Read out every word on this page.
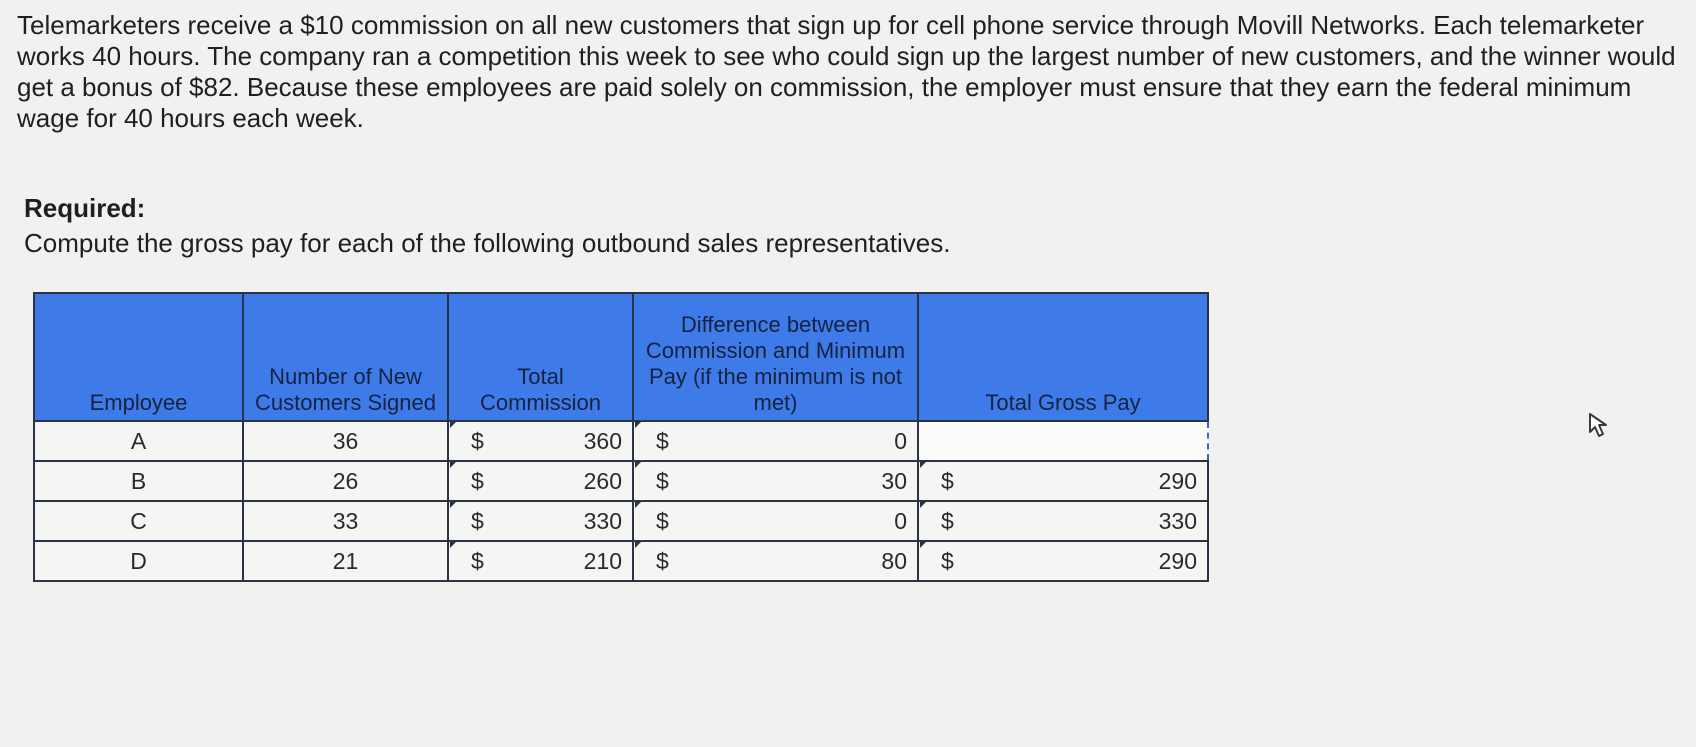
Telemarketers receive a $10 commission on all new customers that sign up for cell phone service through Movill Networks. Each telemarketer works 40 hours. The company ran a competition this week to see who could sign up the largest number of new customers, and the winner would get a bonus of $82. Because these employees are paid solely on commission, the employer must ensure that they earn the federal minimum wage for 40 hours each week.

Required:

Compute the gross pay for each of the following outbound sales representatives.

Employee	Number of New Customers Signed	Total Commission	Difference between Commission and Minimum Pay (if the minimum is not met)	Total Gross Pay
A	36	$ 360	$ 0	

B	26	$ 260	$ 30	$ 290

C	33	$ 330	$ 0	$ 330

D	21	$ 210	$ 80	$ 290
